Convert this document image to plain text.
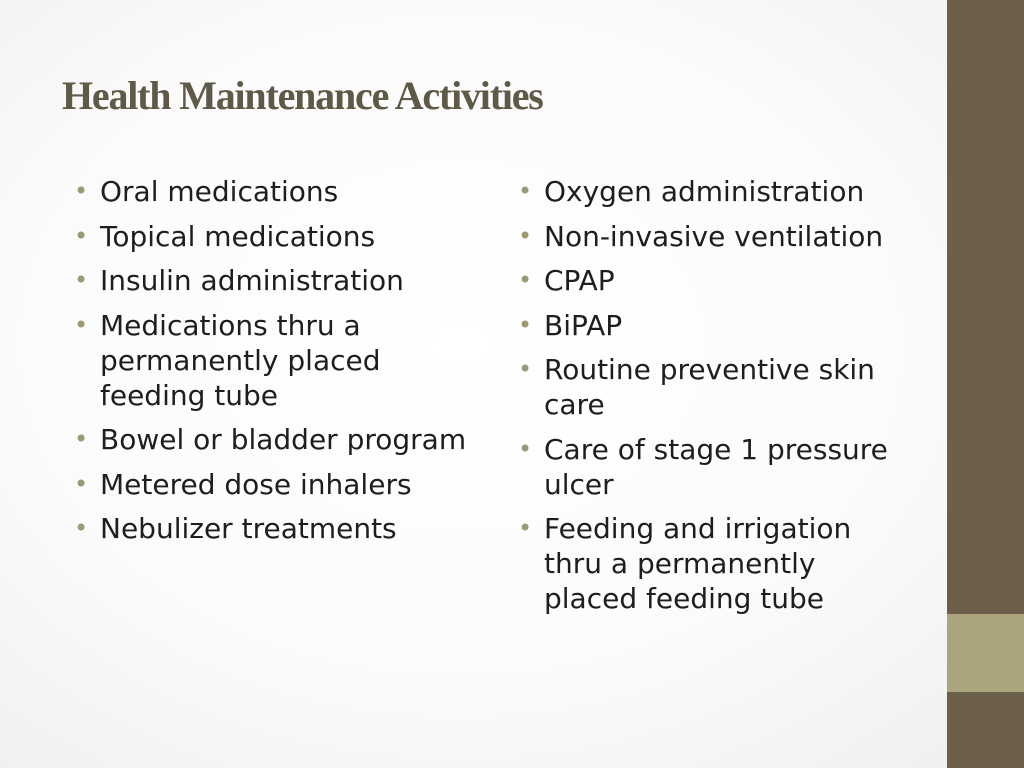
Health Maintenance Activities
• Oral medications
• Topical medications
• Insulin administration
• Medications thru a permanently placed feeding tube
• Bowel or bladder program
• Metered dose inhalers
• Nebulizer treatments
• Oxygen administration
• Non-invasive ventilation
• CPAP
• BiPAP
• Routine preventive skin care
• Care of stage 1 pressure ulcer
• Feeding and irrigation thru a permanently placed feeding tube
